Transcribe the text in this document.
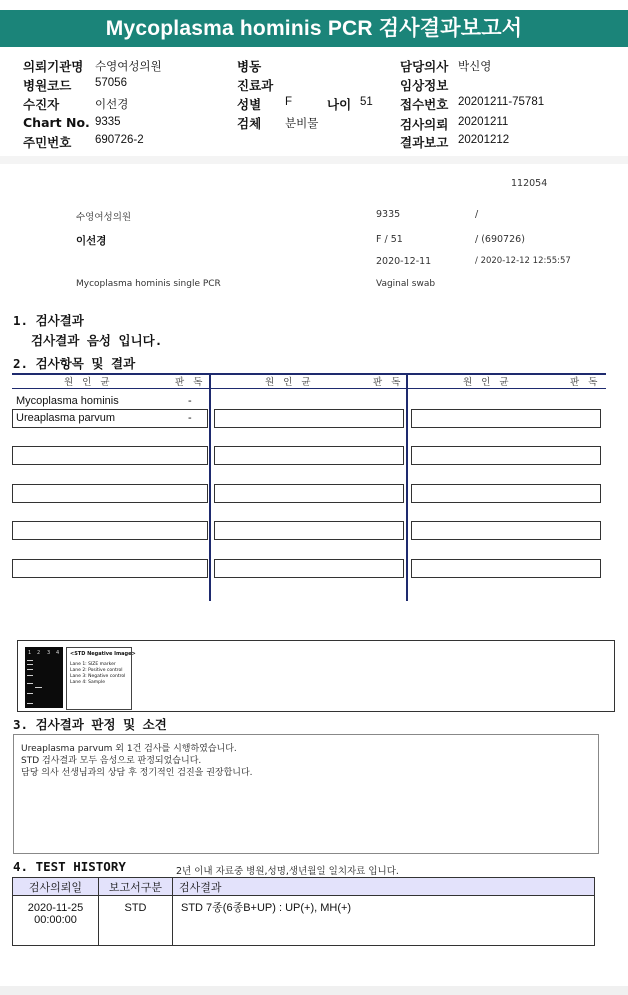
Mycoplasma hominis PCR 검사결과보고서
의뢰기관명 수영여성의원
병원코드 57056
수진자	이선경
Chart No. 9335
주민번호 690726-2
병동
진료과
성별 F	나이 51
검체 분비물
담당의사 박신영
임상정보
접수번호 20201211-75781
검사의뢰 20201211
결과보고 20201212
112054
수영여성의원	9335	/
이선경	F / 51	/ (690726)
2020-12-11	/ 2020-12-12 12:55:57
Mycoplasma hominis single PCR	Vaginal swab
1. 검사결과
검사결과 음성 입니다.
2. 검사항목 및 결과
원 인 균	판 독	원 인 균	판 독	원 인 균	판 독
Mycoplasma hominis	-
Ureaplasma parvum	-
1 2 3 4 <STD Negative Image>
Lane 1: SIZE marker
Lane 2: Positive control
Lane 3: Negative control
Lane 4: Sample
3. 검사결과 판정 및 소견
Ureaplasma parvum 외 1건 검사를 시행하였습니다.
STD 검사결과 모두 음성으로 판정되었습니다.
담당 의사 선생님과의 상담 후 정기적인 검진을 권장합니다.
4. TEST HISTORY	2년 이내 자료중 병원,성명,생년월일 일치자료 입니다.
검사의뢰일	보고서구분	검사결과

2020-11-25
00:00:00	STD	STD 7종(6종B+UP) : UP(+), MH(+)
